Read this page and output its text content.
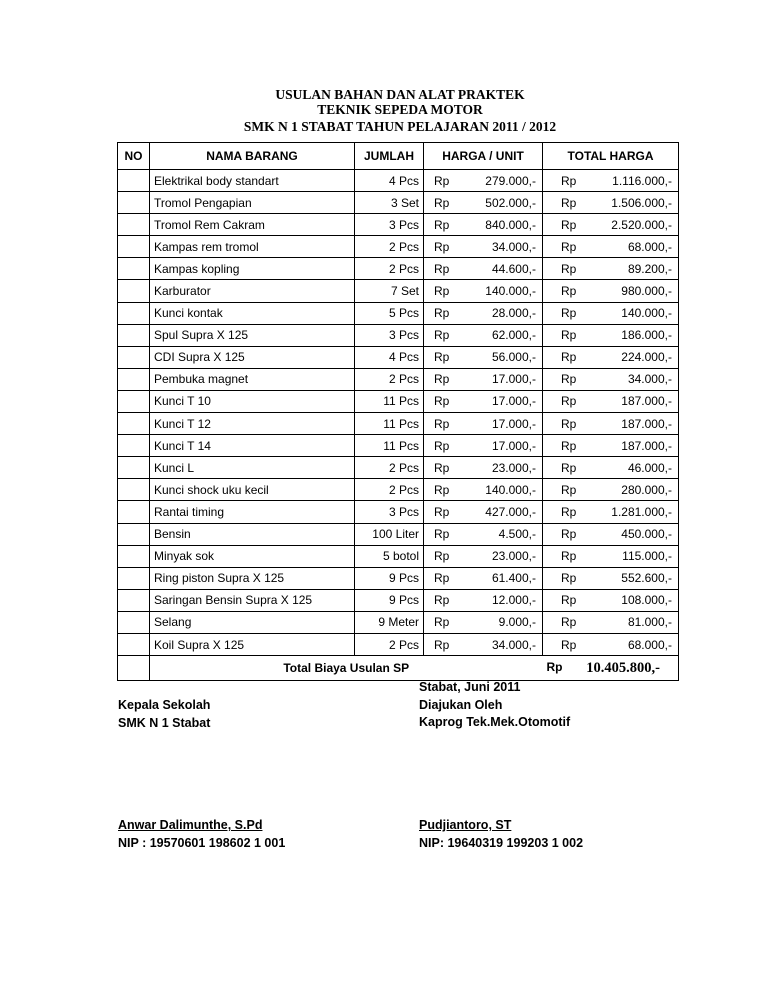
USULAN BAHAN DAN ALAT PRAKTEK
TEKNIK SEPEDA MOTOR
SMK N 1 STABAT TAHUN PELAJARAN 2011 / 2012
NO	NAMA BARANG	JUMLAH	HARGA / UNIT	TOTAL HARGA
	Elektrikal body standart	4 Pcs	Rp 279.000,-	Rp 1.116.000,-

	Tromol Pengapian	3 Set	Rp 502.000,-	Rp 1.506.000,-

	Tromol Rem Cakram	3 Pcs	Rp 840.000,-	Rp 2.520.000,-

	Kampas rem tromol	2 Pcs	Rp 34.000,-	Rp 68.000,-

	Kampas kopling	2 Pcs	Rp 44.600,-	Rp 89.200,-

	Karburator	7 Set	Rp 140.000,-	Rp 980.000,-

	Kunci kontak	5 Pcs	Rp 28.000,-	Rp 140.000,-

	Spul Supra X 125	3 Pcs	Rp 62.000,-	Rp 186.000,-

	CDI Supra X 125	4 Pcs	Rp 56.000,-	Rp 224.000,-

	Pembuka magnet	2 Pcs	Rp 17.000,-	Rp 34.000,-

	Kunci T 10	11 Pcs	Rp 17.000,-	Rp 187.000,-

	Kunci T 12	11 Pcs	Rp 17.000,-	Rp 187.000,-

	Kunci T 14	11 Pcs	Rp 17.000,-	Rp 187.000,-

	Kunci L	2 Pcs	Rp 23.000,-	Rp 46.000,-

	Kunci shock uku kecil	2 Pcs	Rp 140.000,-	Rp 280.000,-

	Rantai timing	3 Pcs	Rp 427.000,-	Rp 1.281.000,-

	Bensin	100 Liter	Rp 4.500,-	Rp 450.000,-

	Minyak sok	5 botol	Rp 23.000,-	Rp 115.000,-

	Ring piston Supra X 125	9 Pcs	Rp 61.400,-	Rp 552.600,-

	Saringan Bensin Supra X 125	9 Pcs	Rp 12.000,-	Rp 108.000,-

	Selang	9 Meter	Rp 9.000,-	Rp 81.000,-

	Koil Supra X 125	2 Pcs	Rp 34.000,-	Rp 68.000,-

	Total Biaya Usulan SP			Rp 10.405.800,-
Kepala Sekolah
SMK N 1 Stabat
Anwar Dalimunthe, S.Pd
NIP : 19570601 198602 1 001
Stabat, Juni 2011
Diajukan Oleh
Kaprog Tek.Mek.Otomotif
Pudjiantoro, ST
NIP: 19640319 199203 1 002
